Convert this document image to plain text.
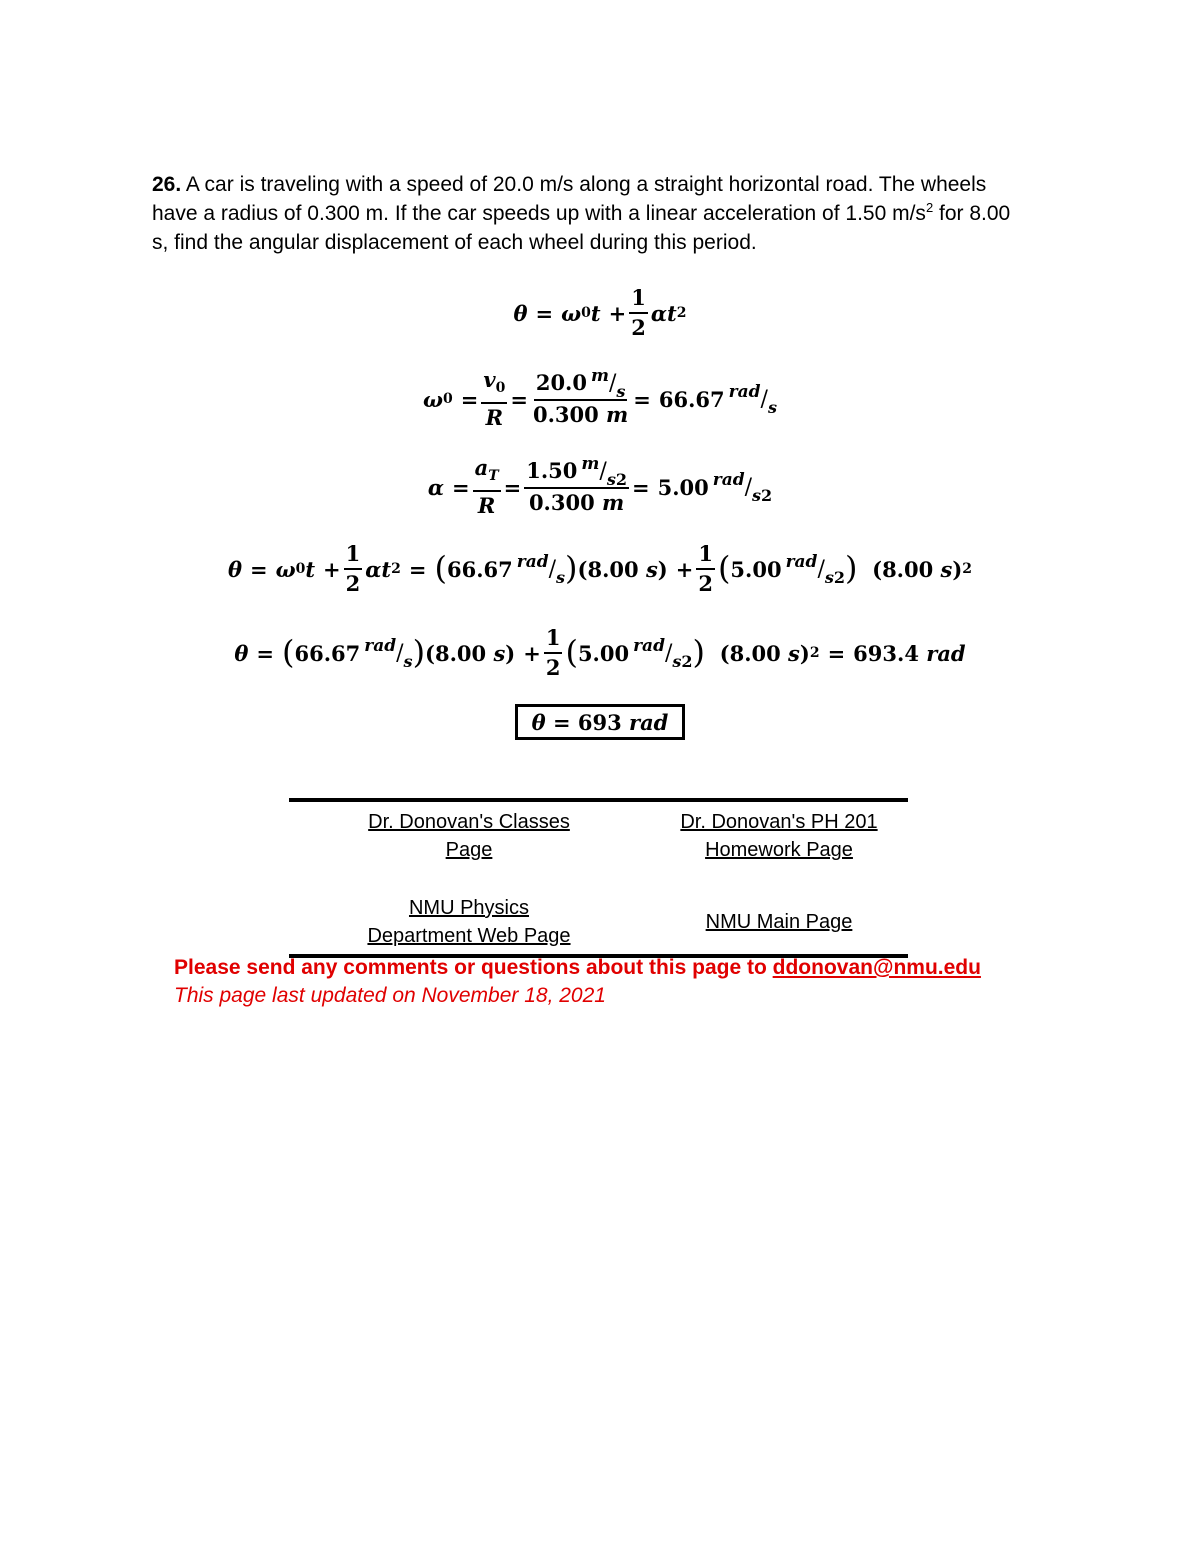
26. A car is traveling with a speed of 20.0 m/s along a straight horizontal road. The wheels have a radius of 0.300 m. If the car speeds up with a linear acceleration of 1.50 $m/s^2$ for 8.00 s, find the angular displacement of each wheel during this period.
θ = ω 0 $t + \frac{1}{2}$ αt 2
ω $0 = \frac{v_0}{R} = \frac{20.0 ^m/_s}{0.300 m} = 66.67$ $^{rad}/_s$
$\alpha = \frac{a_T}{R} = \frac{1.50 ^m/_{s2}}{0.300 m} = 5.00$ $^{rad}/_{s2}$
θ = ω 0 $t + \frac{1}{2}$ αt 2 = ( 66.67 $^{rad}/_s$ ) ( 8.00
s ) + $\frac{1}{2}$ ( 5.00 $^{rad}/_{s2}$ ) ( 8.00
s ) 2
θ = ( 66.67 $^{rad}/_s$ ) ( 8.00
s ) + $\frac{1}{2}$ ( 5.00 $^{rad}/_{s2}$ ) ( 8.00
s ) 2 = 693.4
rad
θ = 693 rad
Dr. Donovan's Classes
Page
Dr. Donovan's PH 201
Homework Page
NMU Physics
Department Web Page
NMU Main Page
Please send any comments or questions about this page to ddonovan@nmu.edu
This page last updated on November 18, 2021
